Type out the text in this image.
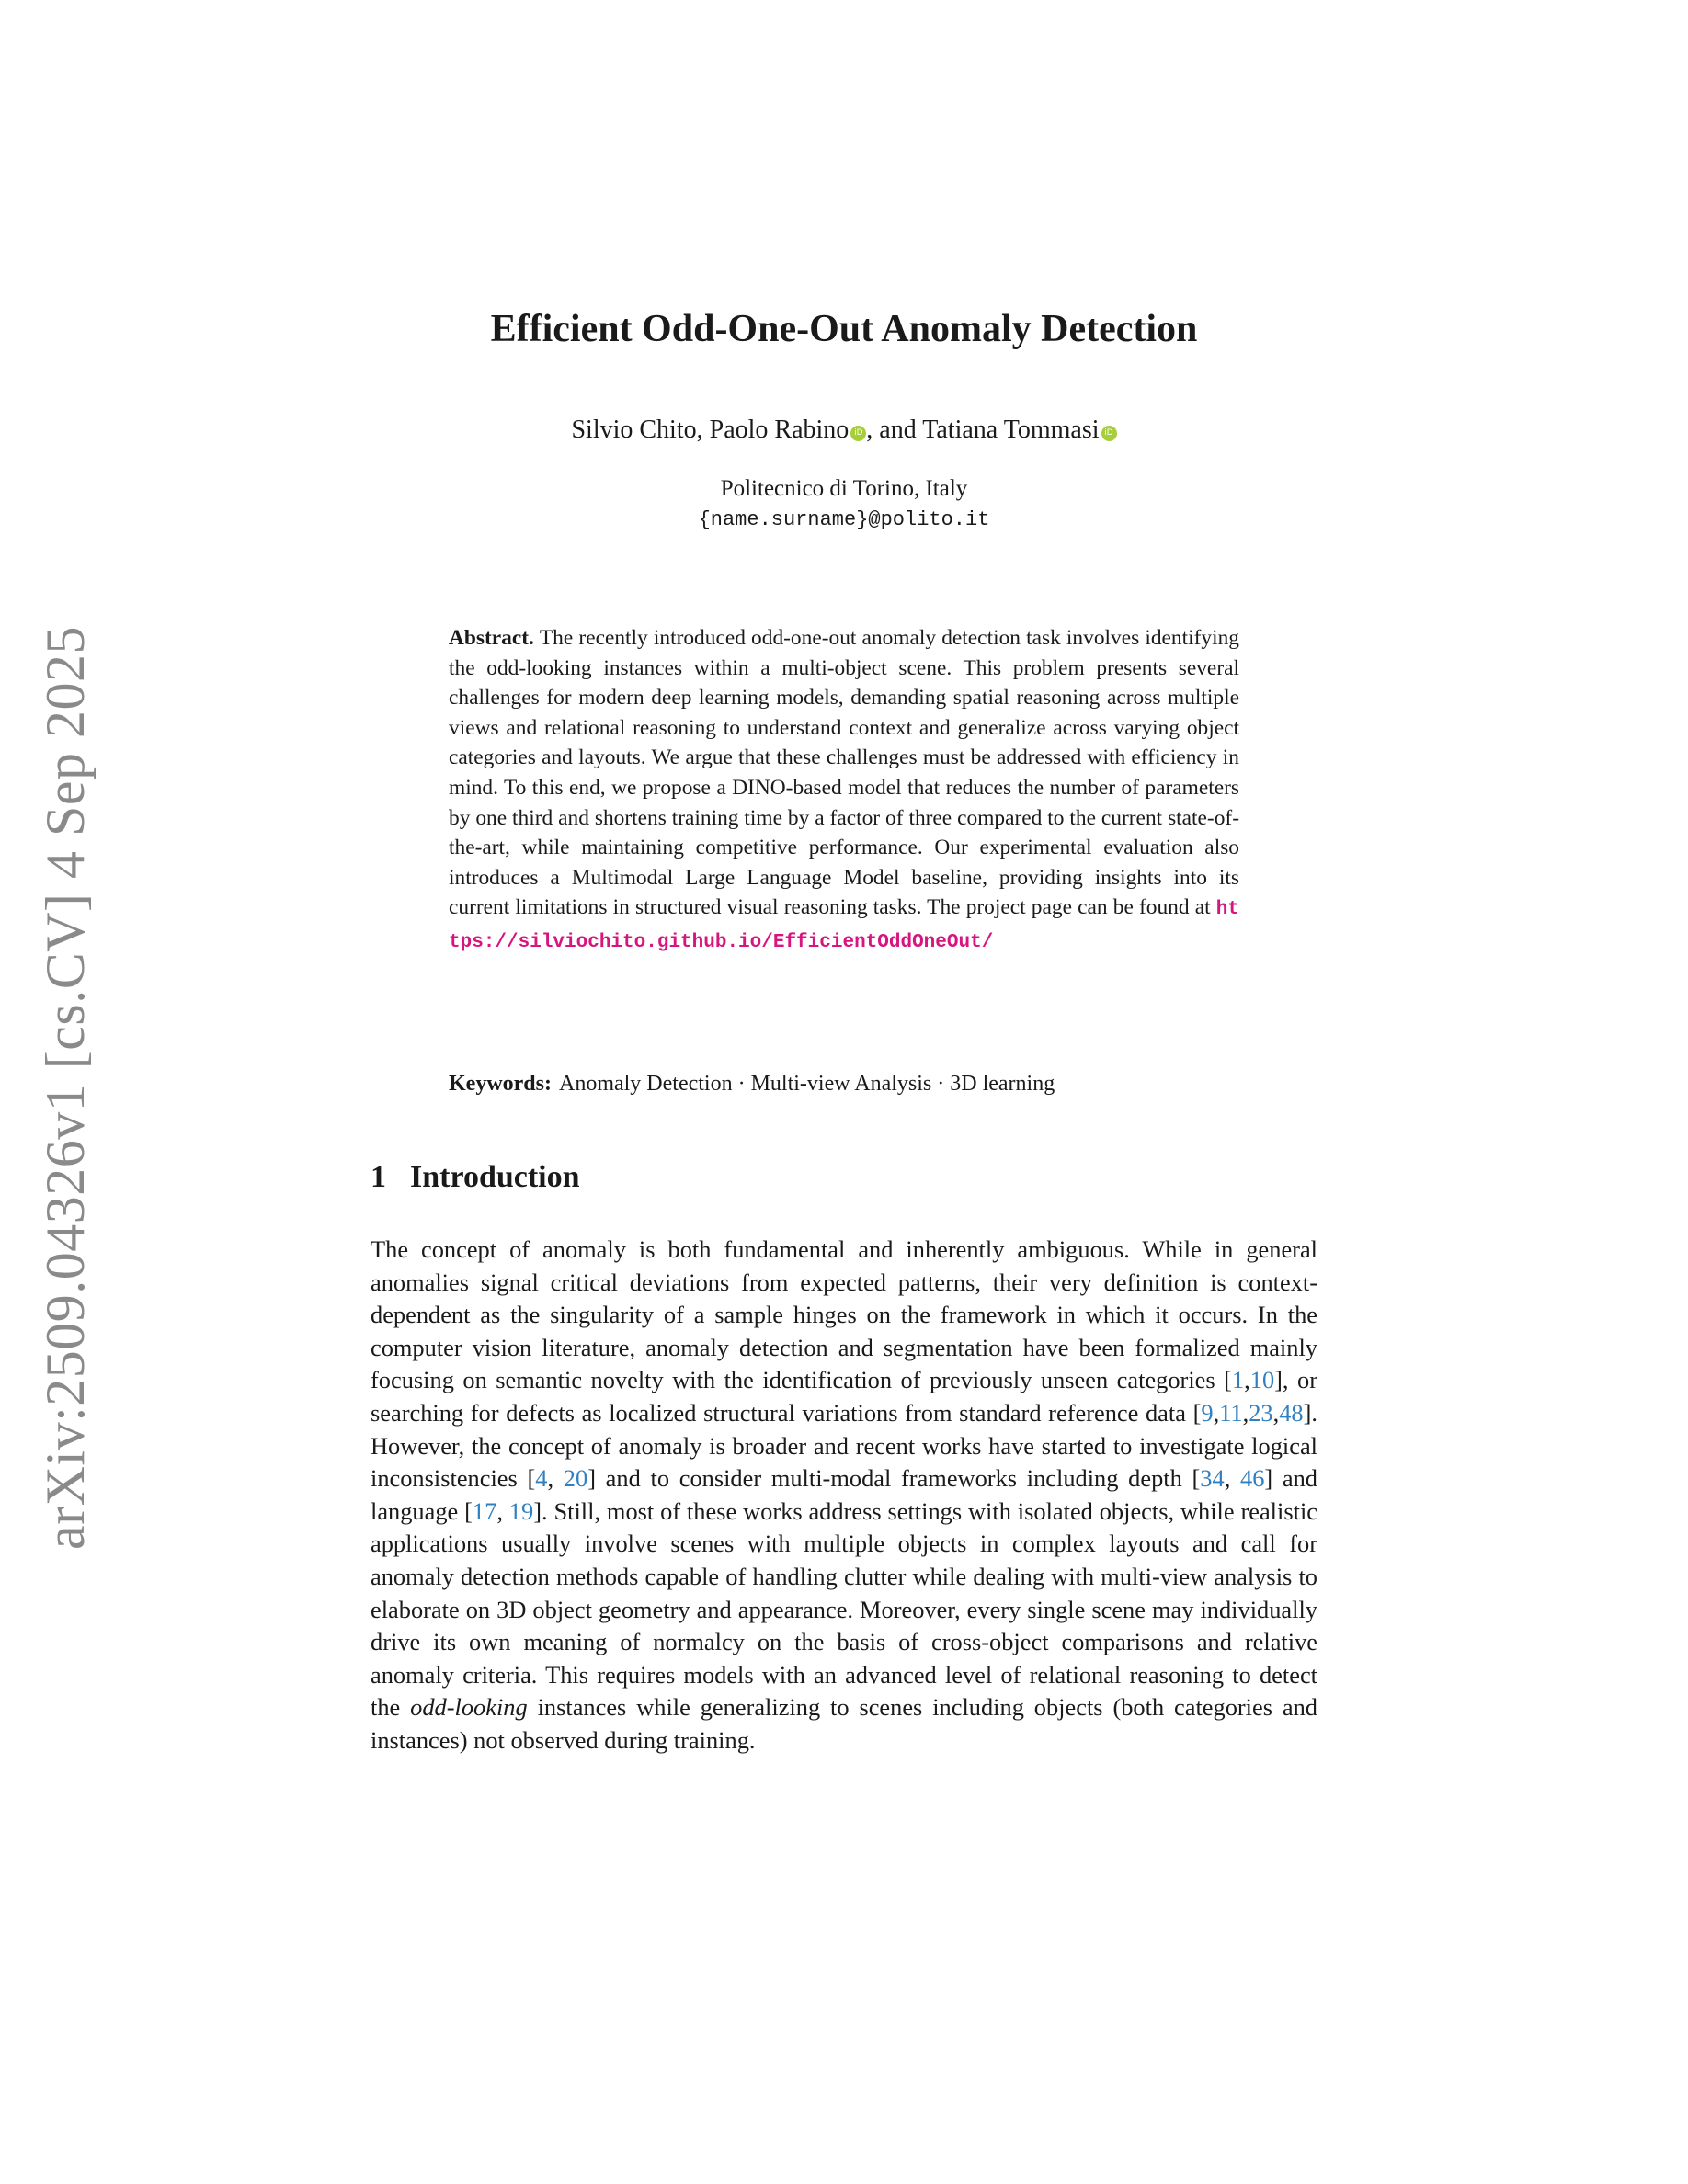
arXiv:2509.04326v1 [cs.CV] 4 Sep 2025
Efficient Odd-One-Out Anomaly Detection
Silvio Chito, Paolo Rabino iD , and Tatiana Tommasi iD
Politecnico di Torino, Italy
{name.surname}@polito.it

Abstract. The recently introduced odd-one-out anomaly detection task involves identifying the odd-looking instances within a multi-object scene. This problem presents several challenges for modern deep learning models, demanding spatial reasoning across multiple views and relational reasoning to understand context and generalize across varying object categories and layouts. We argue that these challenges must be addressed with efficiency in mind. To this end, we propose a DINO-based model that reduces the number of parameters by one third and shortens training time by a factor of three compared to the current state-of-the-art, while maintaining competitive performance. Our experimental evaluation also introduces a Multimodal Large Language Model baseline, providing insights into its current limitations in structured visual reasoning tasks. The project page can be found at https://silviochito.github.io/EfficientOddOneOut/

Keywords: Anomaly Detection · Multi-view Analysis · 3D learning

1 Introduction

The concept of anomaly is both fundamental and inherently ambiguous. While in general anomalies signal critical deviations from expected patterns, their very definition is context-dependent as the singularity of a sample hinges on the framework in which it occurs. In the computer vision literature, anomaly detection and segmentation have been formalized mainly focusing on semantic novelty with the identification of previously unseen categories [1,10], or searching for defects as localized structural variations from standard reference data [9,11,23,48]. However, the concept of anomaly is broader and recent works have started to investigate logical inconsistencies [4, 20] and to consider multi-modal frameworks including depth [34, 46] and language [17, 19]. Still, most of these works address settings with isolated objects, while realistic applications usually involve scenes with multiple objects in complex layouts and call for anomaly detection methods capable of handling clutter while dealing with multi-view analysis to elaborate on 3D object geometry and appearance. Moreover, every single scene may individually drive its own meaning of normalcy on the basis of cross-object comparisons and relative anomaly criteria. This requires models with an advanced level of relational reasoning to detect the odd-looking instances while generalizing to scenes including objects (both categories and instances) not observed during training.
